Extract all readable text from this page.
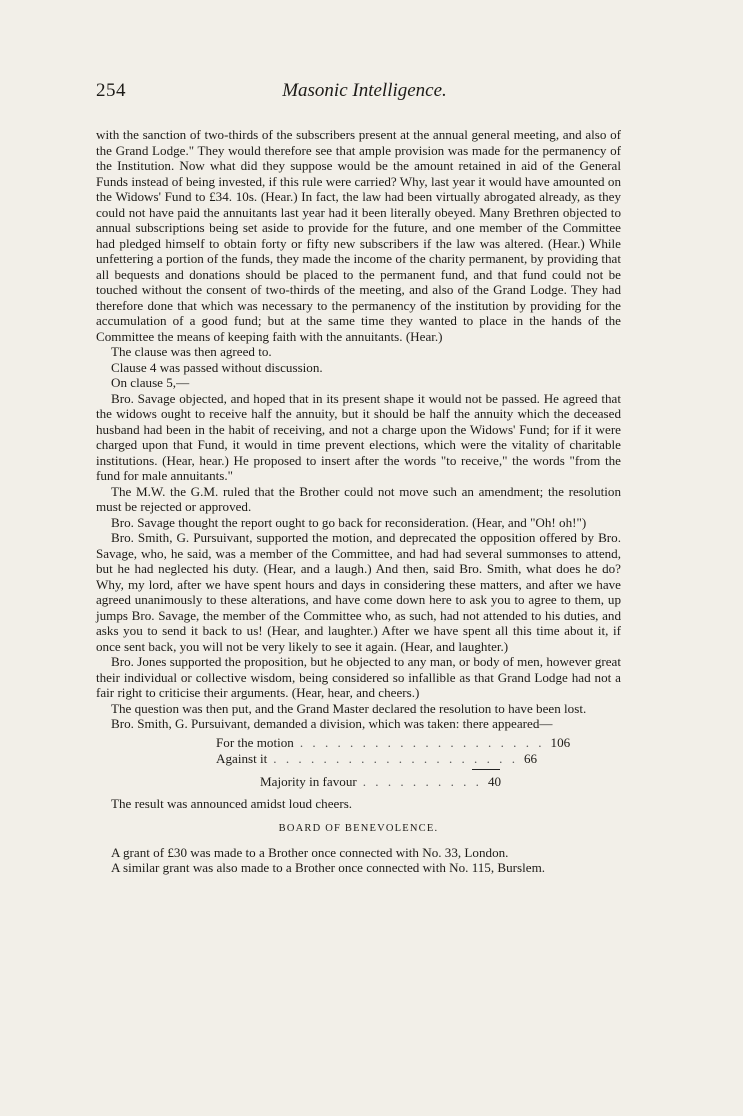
254	Masonic Intelligence.

with the sanction of two-thirds of the subscribers present at the annual general meeting, and also of the Grand Lodge." They would therefore see that ample provision was made for the permanency of the Institution. Now what did they suppose would be the amount retained in aid of the General Funds instead of being invested, if this rule were carried? Why, last year it would have amounted on the Widows' Fund to £34. 10s. (Hear.) In fact, the law had been virtually abrogated already, as they could not have paid the annuitants last year had it been literally obeyed. Many Brethren objected to annual subscriptions being set aside to provide for the future, and one member of the Committee had pledged himself to obtain forty or fifty new subscribers if the law was altered. (Hear.) While unfettering a portion of the funds, they made the income of the charity permanent, by providing that all bequests and donations should be placed to the permanent fund, and that fund could not be touched without the consent of two-thirds of the meeting, and also of the Grand Lodge. They had therefore done that which was necessary to the permanency of the institution by providing for the accumulation of a good fund; but at the same time they wanted to place in the hands of the Committee the means of keeping faith with the annuitants. (Hear.)

The clause was then agreed to.

Clause 4 was passed without discussion.

On clause 5,—

Bro. Savage objected, and hoped that in its present shape it would not be passed. He agreed that the widows ought to receive half the annuity, but it should be half the annuity which the deceased husband had been in the habit of receiving, and not a charge upon the Widows' Fund; for if it were charged upon that Fund, it would in time prevent elections, which were the vitality of charitable institutions. (Hear, hear.) He proposed to insert after the words "to receive," the words "from the fund for male annuitants."

The M.W. the G.M. ruled that the Brother could not move such an amendment; the resolution must be rejected or approved.

Bro. Savage thought the report ought to go back for reconsideration. (Hear, and "Oh! oh!")

Bro. Smith, G. Pursuivant, supported the motion, and deprecated the opposition offered by Bro. Savage, who, he said, was a member of the Committee, and had had several summonses to attend, but he had neglected his duty. (Hear, and a laugh.) And then, said Bro. Smith, what does he do? Why, my lord, after we have spent hours and days in considering these matters, and after we have agreed unanimously to these alterations, and have come down here to ask you to agree to them, up jumps Bro. Savage, the member of the Committee who, as such, had not attended to his duties, and asks you to send it back to us! (Hear, and laughter.) After we have spent all this time about it, if once sent back, you will not be very likely to see it again. (Hear, and laughter.)

Bro. Jones supported the proposition, but he objected to any man, or body of men, however great their individual or collective wisdom, being considered so infallible as that Grand Lodge had not a fair right to criticise their arguments. (Hear, hear, and cheers.)

The question was then put, and the Grand Master declared the resolution to have been lost.

Bro. Smith, G. Pursuivant, demanded a division, which was taken: there appeared—

For the motion . . . . . . . . . . . . . . . . . . . . 106
Against it . . . . . . . . . . . . . . . . . . . . 66
Majority in favour . . . . . . . . . . 40

The result was announced amidst loud cheers.

BOARD OF BENEVOLENCE.

A grant of £30 was made to a Brother once connected with No. 33, London.

A similar grant was also made to a Brother once connected with No. 115, Burslem.
